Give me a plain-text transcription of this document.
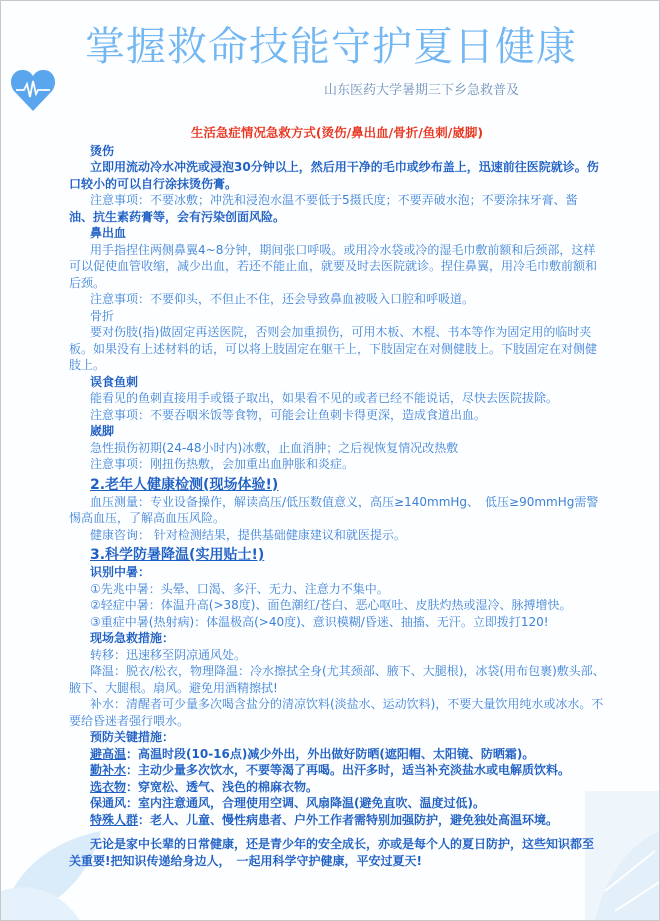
掌握救命技能守护夏日健康
山东医药大学暑期三下乡急救普及
生活急症情况急救方式(烫伤/鼻出血/骨折/鱼刺/崴脚)
烫伤
立即用流动冷水冲洗或浸泡30分钟以上，然后用干净的毛巾或纱布盖上，迅速前往医院就诊。伤口较小的可以自行涂抹烫伤膏。
注意事项：不要冰敷；冲洗和浸泡水温不要低于5摄氏度；不要弄破水泡；不要涂抹牙膏、酱
油、抗生素药膏等，会有污染创面风险。
鼻出血
用手指捏住两侧鼻翼4~8分钟，期间张口呼吸。或用冷水袋或冷的湿毛巾敷前额和后颈部，这样可以促使血管收缩，减少出血，若还不能止血，就要及时去医院就诊。捏住鼻翼，用冷毛巾敷前额和后颈。
注意事项：不要仰头，不但止不住，还会导致鼻血被吸入口腔和呼吸道。
骨折
要对伤肢(指)做固定再送医院，否则会加重损伤，可用木板、木棍、书本等作为固定用的临时夹板。如果没有上述材料的话，可以将上肢固定在躯干上，下肢固定在对侧健肢上。下肢固定在对侧健肢上。
误食鱼刺
能看见的鱼刺直接用手或镊子取出，如果看不见的或者已经不能说话，尽快去医院拔除。
注意事项：不要吞咽米饭等食物，可能会让鱼刺卡得更深，造成食道出血。
崴脚
急性损伤初期(24-48小时内)冰敷，止血消肿；之后视恢复情况改热敷
注意事项：刚扭伤热敷，会加重出血肿胀和炎症。
2.老年人健康检测(现场体验!)
血压测量：专业设备操作，解读高压/低压数值意义，高压≥140mmHg、　低压≥90mmHg需警惕高血压，了解高血压风险。
健康咨询： 针对检测结果，提供基础健康建议和就医提示。
3.科学防暑降温(实用贴士!)
识别中暑：
①先兆中暑：头晕、口渴、多汗、无力、注意力不集中。
②轻症中暑：体温升高(>38度)、面色潮红/苍白、恶心呕吐、皮肤灼热或湿冷、脉搏增快。
③重症中暑(热射病)：体温极高(>40度)、意识模糊/昏迷、抽搐、无汗。立即拨打120!
现场急救措施：
转移：迅速移至阴凉通风处。
降温：脱衣/松衣，物理降温：冷水擦拭全身(尤其颈部、腋下、大腿根)，冰袋(用布包裹)敷头部、腋下、大腿根。扇风。避免用酒精擦拭!
补水：清醒者可少量多次喝含盐分的清凉饮料(淡盐水、运动饮料)，不要大量饮用纯水或冰水。不要给昏迷者强行喂水。
预防关键措施：
避高温：高温时段(10-16点)减少外出，外出做好防晒(遮阳帽、太阳镜、防晒霜)。
勤补水：主动少量多次饮水，不要等渴了再喝。出汗多时，适当补充淡盐水或电解质饮料。
选衣物：穿宽松、透气、浅色的棉麻衣物。
保通风：室内注意通风，合理使用空调、风扇降温(避免直吹、温度过低)。
特殊人群：老人、儿童、慢性病患者、户外工作者需特别加强防护，避免独处高温环境。
无论是家中长辈的日常健康，还是青少年的安全成长，亦或是每个人的夏日防护，这些知识都至关重要!把知识传递给身边人，　一起用科学守护健康，平安过夏天!
